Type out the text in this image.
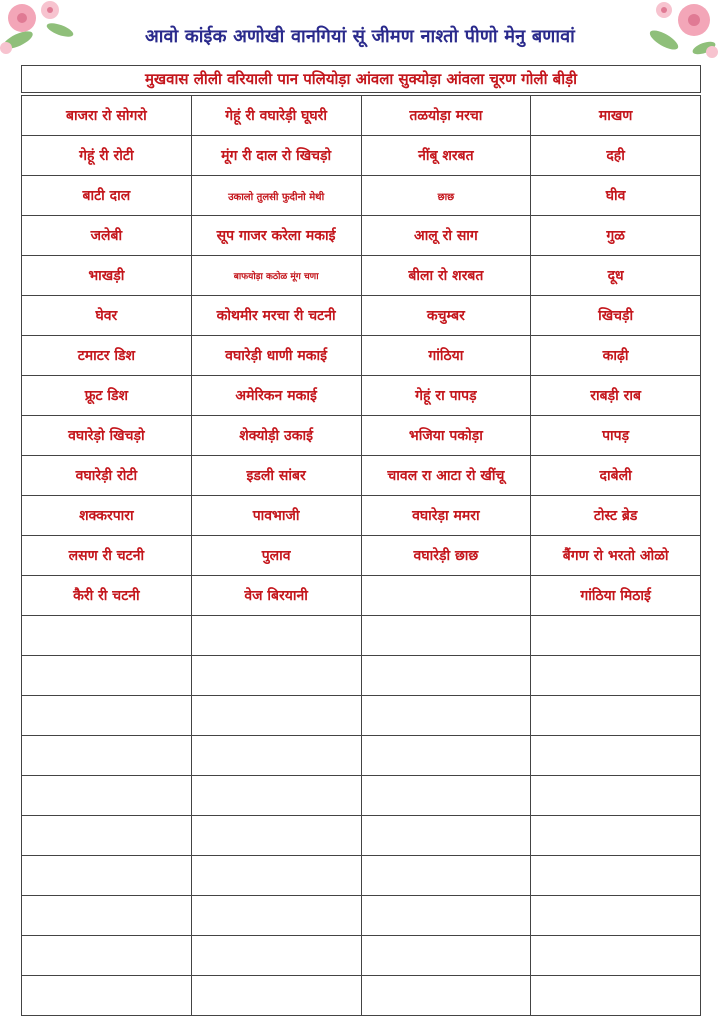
आवो कांईक अणोखी वानगियां सूं जीमण नाश्तो पीणो मेनु बणावां
मुखवास लीली वरियाली पान पलियोड़ा आंवला सुक्योड़ा आंवला चूरण गोली बीड़ी
बाजरा रो सोगरो	गेहूं री वघारेड़ी घूघरी	तळयोड़ा मरचा	माखण
गेहूं री रोटी	मूंग री दाल रो खिचड़ो	नींबू शरबत	दही
बाटी दाल	उकालो तुलसी फुदीनो मेथी	छाछ	घीव
जलेबी	सूप गाजर करेला मकाई	आलू रो साग	गुळ
भाखड़ी	बाफयोड़ा कठोळ मूंग चणा	बीला रो शरबत	दूध
घेवर	कोथमीर मरचा री चटनी	कचुम्बर	खिचड़ी
टमाटर डिश	वघारेड़ी धाणी मकाई	गांठिया	काढ़ी
फ्रूट डिश	अमेरिकन मकाई	गेहूं रा पापड़	राबड़ी राब
वघारेड़ो खिचड़ो	शेक्योड़ी उकाई	भजिया पकोड़ा	पापड़
वघारेड़ी रोटी	इडली सांबर	चावल रा आटा रो खींचू	दाबेली
शक्करपारा	पावभाजी	वघारेड़ा ममरा	टोस्ट ब्रेड
लसण री चटनी	पुलाव	वघारेड़ी छाछ	बैंगण रो भरतो ओळो
कैरी री चटनी	वेज बिरयानी		गांठिया मिठाई
